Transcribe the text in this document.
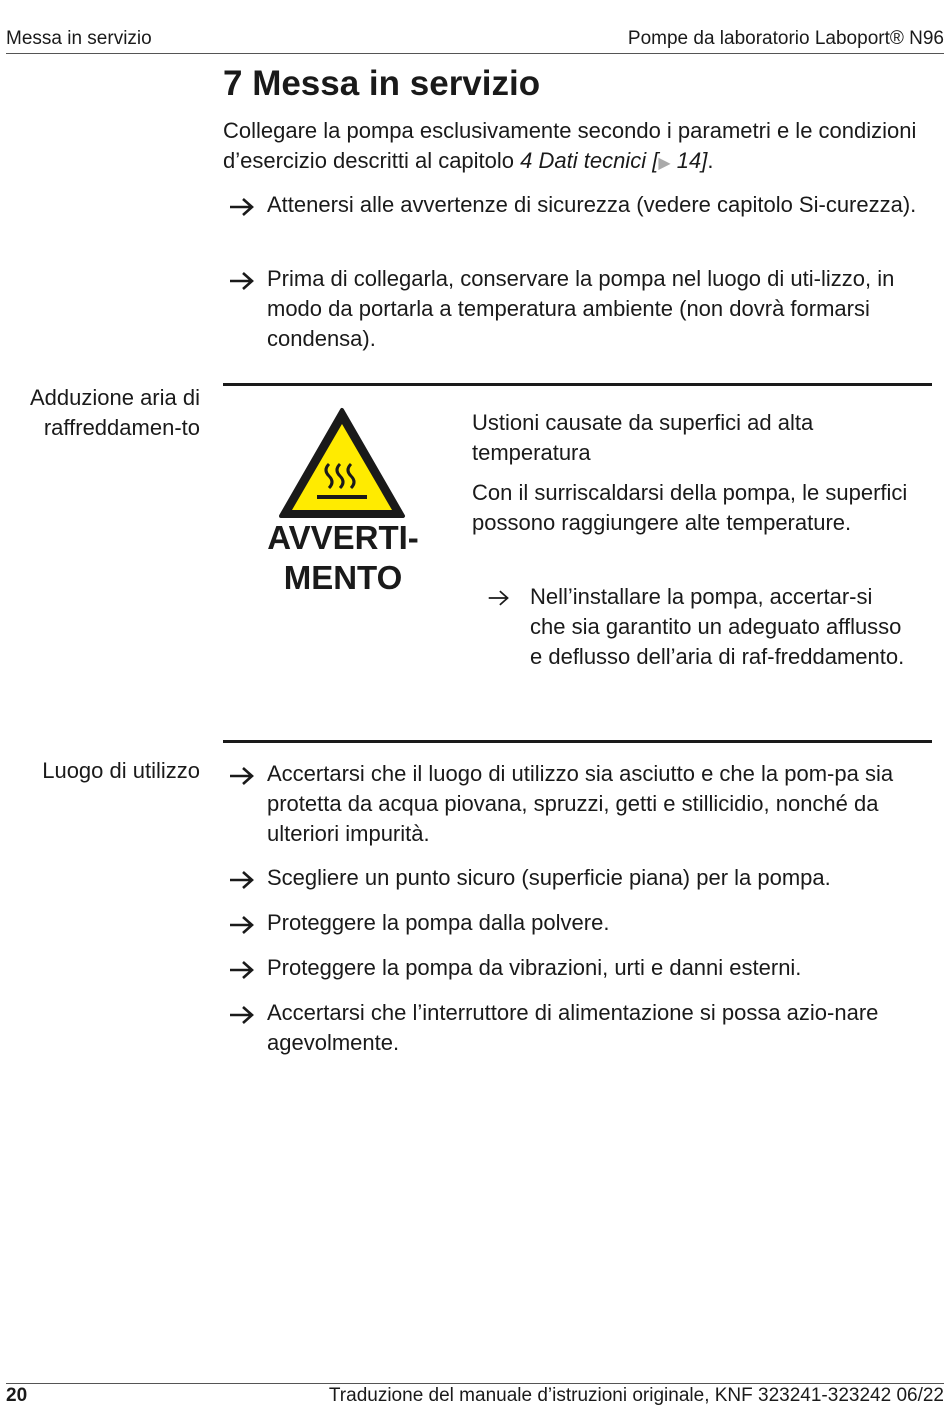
Messa in servizio	Pompe da laboratorio Laboport® N96
7 Messa in servizio
Collegare la pompa esclusivamente secondo i parametri e le condizioni d’esercizio descritti al capitolo 4 Dati tecnici [▶ 14].
Attenersi alle avvertenze di sicurezza (vedere capitolo Si-curezza).
Prima di collegarla, conservare la pompa nel luogo di uti-lizzo, in modo da portarla a temperatura ambiente (non dovrà formarsi condensa).
Adduzione aria di raffreddamen-to
AVVERTI-MENTO
Ustioni causate da superfici ad alta temperatura
Con il surriscaldarsi della pompa, le superfici possono raggiungere alte temperature.
Nell’installare la pompa, accertar-si che sia garantito un adeguato afflusso e deflusso dell’aria di raf-freddamento.
Luogo di utilizzo	Accertarsi che il luogo di utilizzo sia asciutto e che la pom-pa sia protetta da acqua piovana, spruzzi, getti e stillicidio, nonché da ulteriori impurità.
Scegliere un punto sicuro (superficie piana) per la pompa.
Proteggere la pompa dalla polvere.
Proteggere la pompa da vibrazioni, urti e danni esterni.
Accertarsi che l’interruttore di alimentazione si possa azio-nare agevolmente.
20	Traduzione del manuale d’istruzioni originale, KNF 323241-323242 06/22
